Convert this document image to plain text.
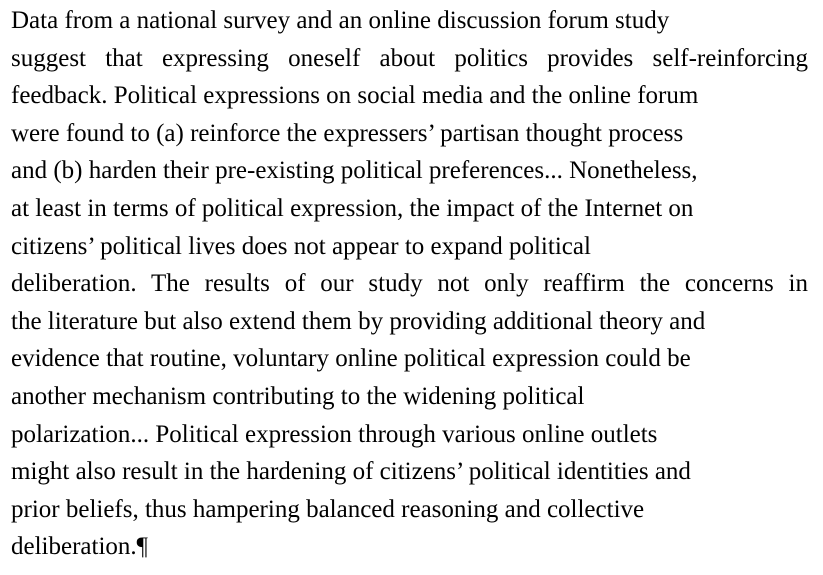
Data from a national survey and an online discussion forum study
suggest that expressing oneself about politics provides self-reinforcing
feedback. Political expressions on social media and the online forum
were found to (a) reinforce the expressers’ partisan thought process
and (b) harden their pre-existing political preferences... Nonetheless,
at least in terms of political expression, the impact of the Internet on
citizens’ political lives does not appear to expand political
deliberation. The results of our study not only reaffirm the concerns in
the literature but also extend them by providing additional theory and
evidence that routine, voluntary online political expression could be
another mechanism contributing to the widening political
polarization... Political expression through various online outlets
might also result in the hardening of citizens’ political identities and
prior beliefs, thus hampering balanced reasoning and collective
deliberation.¶
